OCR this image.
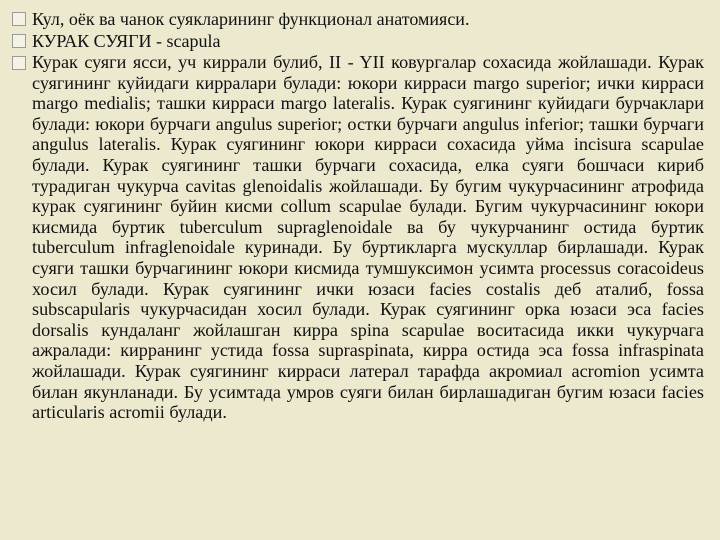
Кул, оёк ва чанок суякларининг функционал анатомияси.
КУРАК СУЯГИ - scapula
Курак суяги ясси, уч киррали булиб, II - YII ковургалар сохасида жойлашади. Курак суягининг куйидаги кирралари булади: юкори кирраси margo superior; ички кирраси margo medialis; ташки кирраси margo lateralis. Курак суягининг куйидаги бурчаклари булади: юкори бурчаги angulus superior; остки бурчаги angulus inferior; ташки бурчаги angulus lateralis. Курак суягининг юкори кирраси сохасида уйма incisura scapulae булади. Курак суягининг ташки бурчаги сохасида, елка суяги бошчаси кириб турадиган чукурча cavitas glenoidalis жойлашади. Бу бугим чукурчасининг атрофида курак суягининг буйин кисми collum scapulae булади. Бугим чукурчасининг юкори кисмида буртик tuberculum supraglenoidale ва бу чукурчанинг остида буртик tuberculum infraglenoidale куринади. Бу буртикларга мускуллар бирлашади. Курак суяги ташки бурчагининг юкори кисмида тумшуксимон усимта processus coracoideus хосил булади. Курак суягининг ички юзаси facies costalis деб аталиб, fossa subscapularis чукурчасидан хосил булади. Курак суягининг орка юзаси эса facies dorsalis кундаланг жойлашган кирра spina scapulae воситасида икки чукурчага ажралади: кирранинг устида fossa supraspinata, кирра остида эса fossa infraspinata жойлашади. Курак суягининг кирраси латерал тарафда акромиал acromion усимта билан якунланади. Бу усимтада умров суяги билан бирлашадиган бугим юзаси facies articularis acromii булади.
